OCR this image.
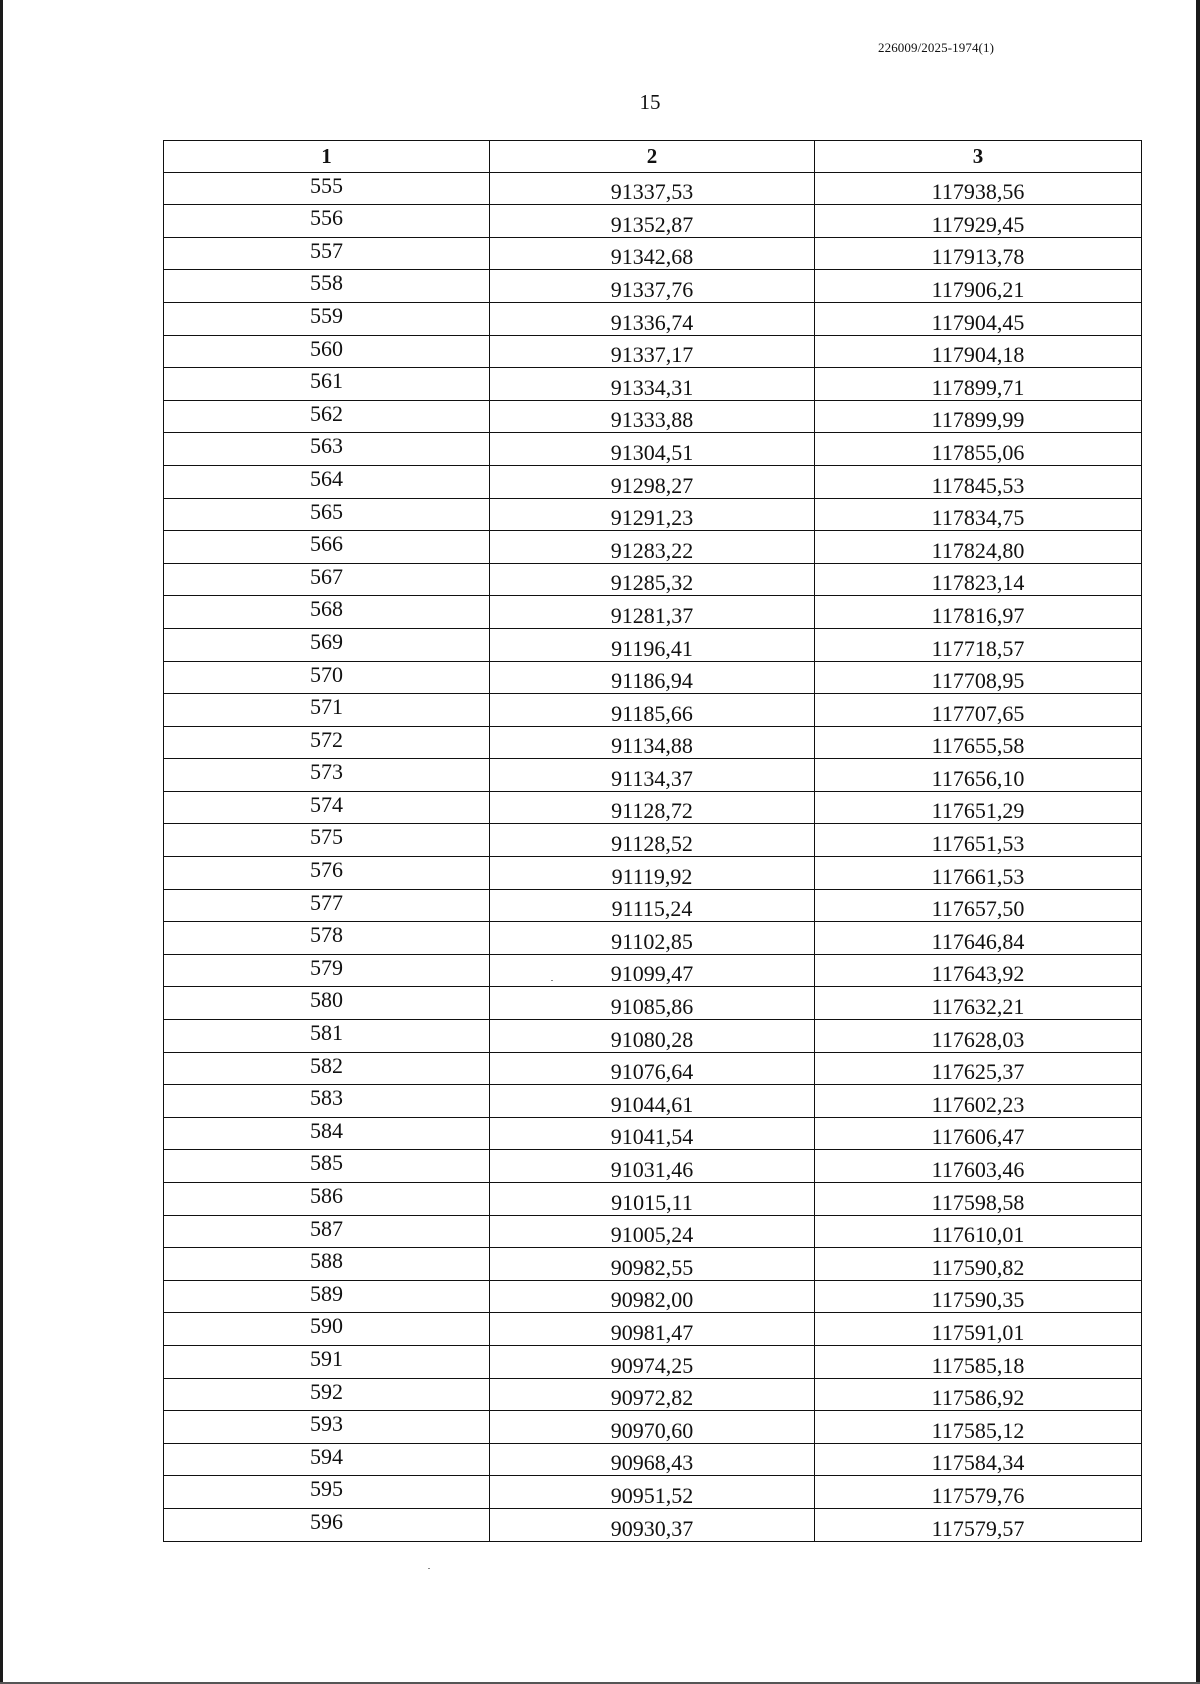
226009/2025-1974(1)
15
1	2	3
555	91337,53	117938,56
556	91352,87	117929,45
557	91342,68	117913,78
558	91337,76	117906,21
559	91336,74	117904,45
560	91337,17	117904,18
561	91334,31	117899,71
562	91333,88	117899,99
563	91304,51	117855,06
564	91298,27	117845,53
565	91291,23	117834,75
566	91283,22	117824,80
567	91285,32	117823,14
568	91281,37	117816,97
569	91196,41	117718,57
570	91186,94	117708,95
571	91185,66	117707,65
572	91134,88	117655,58
573	91134,37	117656,10
574	91128,72	117651,29
575	91128,52	117651,53
576	91119,92	117661,53
577	91115,24	117657,50
578	91102,85	117646,84
579	91099,47	117643,92
580	91085,86	117632,21
581	91080,28	117628,03
582	91076,64	117625,37
583	91044,61	117602,23
584	91041,54	117606,47
585	91031,46	117603,46
586	91015,11	117598,58
587	91005,24	117610,01
588	90982,55	117590,82
589	90982,00	117590,35
590	90981,47	117591,01
591	90974,25	117585,18
592	90972,82	117586,92
593	90970,60	117585,12
594	90968,43	117584,34
595	90951,52	117579,76
596	90930,37	117579,57
